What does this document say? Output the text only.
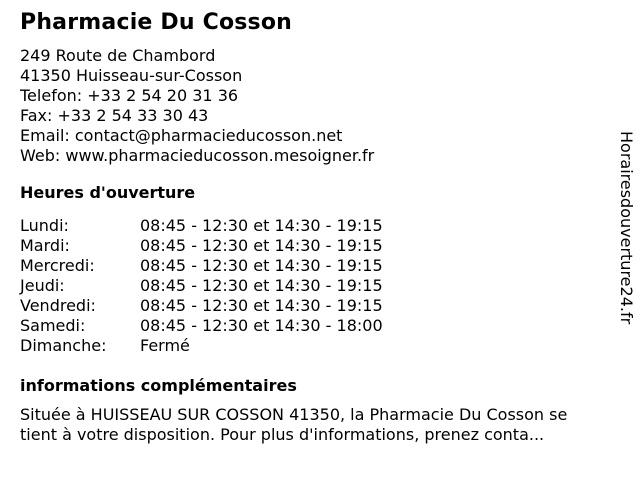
Pharmacie Du Cosson
249 Route de Chambord
41350 Huisseau-sur-Cosson
Telefon: +33 2 54 20 31 36
Fax: +33 2 54 33 30 43
Email: contact@pharmacieducosson.net
Web: www.pharmacieducosson.mesoigner.fr
Heures d'ouverture
Lundi:	08:45 - 12:30 et 14:30 - 19:15
Mardi:	08:45 - 12:30 et 14:30 - 19:15
Mercredi:	08:45 - 12:30 et 14:30 - 19:15
Jeudi:	08:45 - 12:30 et 14:30 - 19:15
Vendredi:	08:45 - 12:30 et 14:30 - 19:15
Samedi:	08:45 - 12:30 et 14:30 - 18:00
Dimanche:	Fermé
informations complémentaires
Située à HUISSEAU SUR COSSON 41350, la Pharmacie Du Cosson se
tient à votre disposition. Pour plus d'informations, prenez conta...
Horairesdouverture24.fr
